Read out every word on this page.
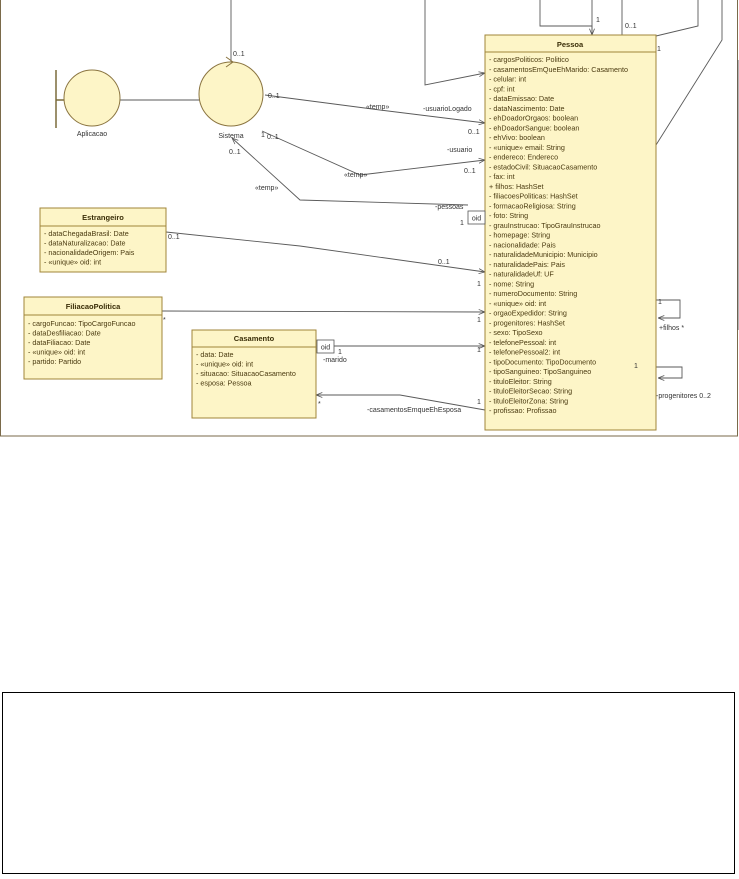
Aplicacao	Sistema
Pessoa
- cargosPoliticos: Politico
- casamentosEmQueEhMarido: Casamento
- celular: int
- cpf: int
- dataEmissao: Date
- dataNascimento: Date
- ehDoadorOrgaos: boolean
- ehDoadorSangue: boolean
- ehVivo: boolean
- «unique» email: String
- endereco: Endereco
- estadoCivil: SituacaoCasamento
- fax: int
+ filhos: HashSet
- filiacoesPoliticas: HashSet
- formacaoReligiosa: String
- foto: String
- grauInstrucao: TipoGrauInstrucao
- homepage: String
- nacionalidade: Pais
- naturalidadeMunicipio: Municipio
- naturalidadePais: Pais
- naturalidadeUf: UF
- nome: String
- numeroDocumento: String
- «unique» oid: int
- orgaoExpedidor: String
- progenitores: HashSet
- sexo: TipoSexo
- telefonePessoal: int
- telefonePessoal2: int
- tipoDocumento: TipoDocumento
- tipoSanguineo: TipoSanguineo
- tituloEleitor: String
- tituloEleitorSecao: String
- tituloEleitorZona: String
- profissao: Profissao
oid
Estrangeiro
- dataChegadaBrasil: Date
- dataNaturalizacao: Date
- nacionalidadeOrigem: Pais
- «unique» oid: int
FiliacaoPolitica
- cargoFuncao: TipoCargoFuncao
- dataDesfiliacao: Date
- dataFiliacao: Date
- «unique» oid: int
- partido: Partido
Casamento
- data: Date
- «unique» oid: int
- situacao: SituacaoCasamento
- esposa: Pessoa
oid
1
0..1
1
0..1
0..1
1 0..1
0..1
«temp»
«temp»
«temp»
-usuarioLogado
0..1
-usuario
0..1
-pessoas
1
0..1
0..1
1
*	1
1
+filhos *
-marido
1	1
1
-progenitores 0..2
-casamentosEmqueEhEsposa
*	1
